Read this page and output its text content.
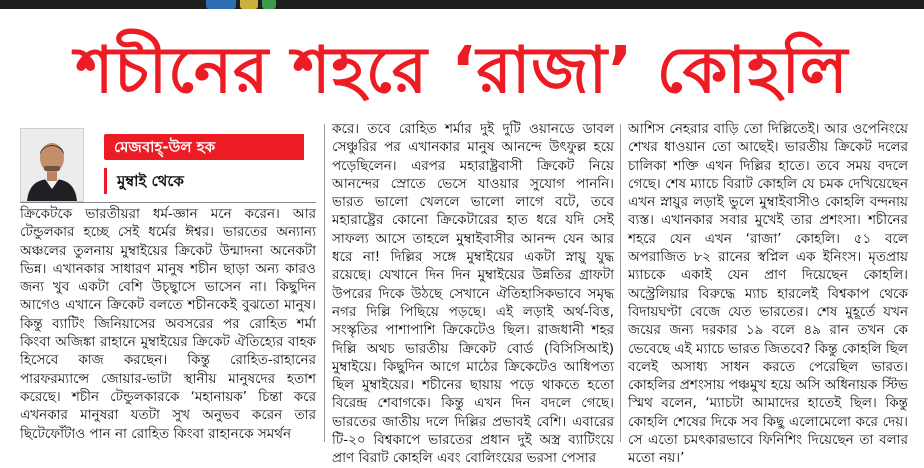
শচীনের শহরে ‘রাজা’ কোহলি
মেজবাহ্-উল হক
মুম্বাই থেকে

ক্রিকেটকে ভারতীয়রা ধর্ম-জ্ঞান মনে করেন। আর টেন্ডুলকার হচ্ছে সেই ধর্মের ঈশ্বর। ভারতের অন্যান্য অঞ্চলের তুলনায় মুম্বাইয়ের ক্রিকেট উন্মাদনা অনেকটা ভিন্ন। এখানকার সাধারণ মানুষ শচীন ছাড়া অন্য কারও জন্য খুব একটা বেশি উচ্ছ্বাসে ভাসেন না। কিছুদিন আগেও এখানে ক্রিকেট বলতে শচীনকেই বুঝতো মানুষ। কিন্তু ব্যাটিং জিনিয়াসের অবসরের পর রোহিত শর্মা কিংবা অজিঙ্কা রাহানে মুম্বাইয়ের ক্রিকেট ঐতিহ্যের বাহক হিসেবে কাজ করছেন। কিন্তু রোহিত-রাহানের পারফরম্যান্সে জোয়ার-ভাটা স্থানীয় মানুষদের হতাশ করেছে। শচীন টেন্ডুলকারকে ‘মহানায়ক’ চিন্তা করে এখনকার মানুষরা যতটা সুখ অনুভব করেন তার ছিটেফোঁটাও পান না রোহিত কিংবা রাহানকে সমর্থন

করে। তবে রোহিত শর্মার দুই দুটি ওয়ানডে ডাবল সেঞ্চুরির পর এখানকার মানুষ আনন্দে উৎফুল্ল হয়ে পড়েছিলেন। এরপর মহারাষ্ট্রবাসী ক্রিকেট নিয়ে আনন্দের স্রোতে ভেসে যাওয়ার সুযোগ পাননি। ভারত ভালো খেললে ভালো লাগে বটে, তবে মহারাষ্ট্রের কোনো ক্রিকেটারের হাত ধরে যদি সেই সাফল্য আসে তাহলে মুম্বাইবাসীর আনন্দ যেন আর ধরে না! দিল্লির সঙ্গে মুম্বাইয়ের একটা স্নায়ু যুদ্ধ রয়েছে। যেখানে দিন দিন মুম্বাইয়ের উন্নতির গ্রাফটা উপরের দিকে উঠছে সেখানে ঐতিহাসিকভাবে সমৃদ্ধ নগর দিল্লি পিছিয়ে পড়ছে। এই লড়াই অর্থ-বিত্ত, সংস্কৃতির পাশাপাশি ক্রিকেটেও ছিল। রাজধানী শহর দিল্লি অথচ ভারতীয় ক্রিকেট বোর্ড (বিসিসিআই) মুম্বাইয়ে। কিছুদিন আগে মাঠের ক্রিকেটেও আধিপত্য ছিল মুম্বাইয়ের। শচীনের ছায়ায় পড়ে থাকতে হতো বিরেন্দ্র শেবাগকে। কিন্তু এখন দিন বদলে গেছে। ভারতের জাতীয় দলে দিল্লির প্রভাবই বেশি। এবারের টি-২০ বিশ্বকাপে ভারতের প্রধান দুই অস্ত্র ব্যাটিংয়ে প্রাণ বিরাট কোহলি এবং বোলিংয়ের ভরসা পেসার

আশিস নেহরার বাড়ি তো দিল্লিতেই। আর ওপেনিংয়ে শেখর ধাওয়ান তো আছেই। ভারতীয় ক্রিকেট দলের চালিকা শক্তি এখন দিল্লির হাতে। তবে সময় বদলে গেছে। শেষ ম্যাচে বিরাট কোহলি যে চমক দেখিয়েছেন এখন স্নায়ুর লড়াই ভুলে মুম্বাইবাসীও কোহলি বন্দনায় ব্যস্ত। এখানকার সবার মুখেই তার প্রশংসা। শচীনের শহরে যেন এখন ‘রাজা’ কোহলি। ৫১ বলে অপরাজিত ৮২ রানের স্বপ্নিল এক ইনিংস। মৃতপ্রায় ম্যাচকে একাই যেন প্রাণ দিয়েছেন কোহলি। অস্ট্রেলিয়ার বিরুদ্ধে ম্যাচ হারলেই বিশ্বকাপ থেকে বিদায়ঘণ্টা বেজে যেত ভারতের। শেষ মুহূর্তে যখন জয়ের জন্য দরকার ১৯ বলে ৪৯ রান তখন কে ভেবেছে এই ম্যাচে ভারত জিতবে? কিন্তু কোহলি ছিল বলেই অসাধ্য সাধন করতে পেরেছিল ভারত। কোহলির প্রশংসায় পঞ্চমুখ হয়ে অসি অধিনায়ক স্টিভ স্মিথ বলেন, ‘ম্যাচটা আমাদের হাতেই ছিল। কিন্তু কোহলি শেষের দিকে সব কিছু এলোমেলো করে দেয়। সে এতো চমৎকারভাবে ফিনিশিং দিয়েছেন তা বলার মতো নয়।’
